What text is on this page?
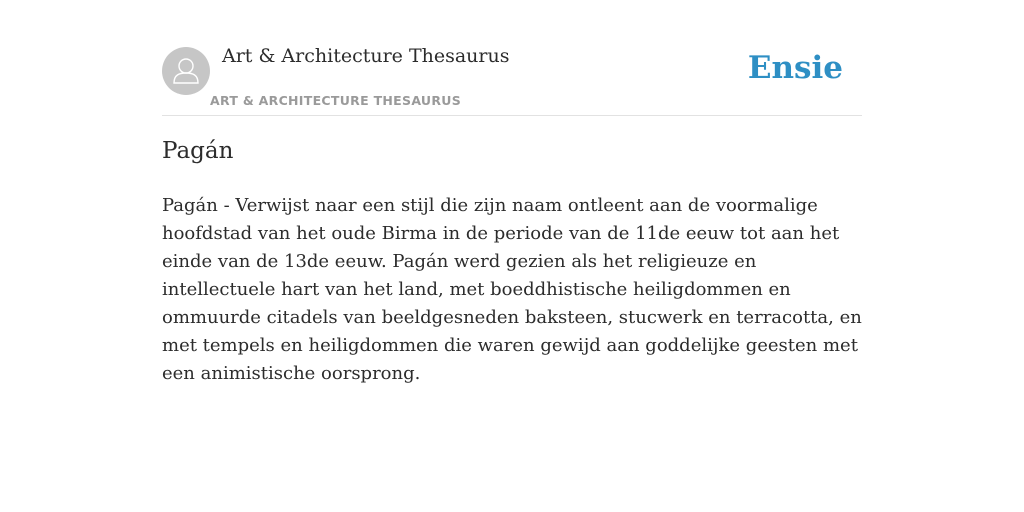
Art & Architecture Thesaurus
ART & ARCHITECTURE THESAURUS
Ensie
Pagán

Pagán - Verwijst naar een stijl die zijn naam ontleent aan de voormalige hoofdstad van het oude Birma in de periode van de 11de eeuw tot aan het einde van de 13de eeuw. Pagán werd gezien als het religieuze en intellectuele hart van het land, met boeddhistische heiligdommen en ommuurde citadels van beeldgesneden baksteen, stucwerk en terracotta, en met tempels en heiligdommen die waren gewijd aan goddelijke geesten met een animistische oorsprong.
